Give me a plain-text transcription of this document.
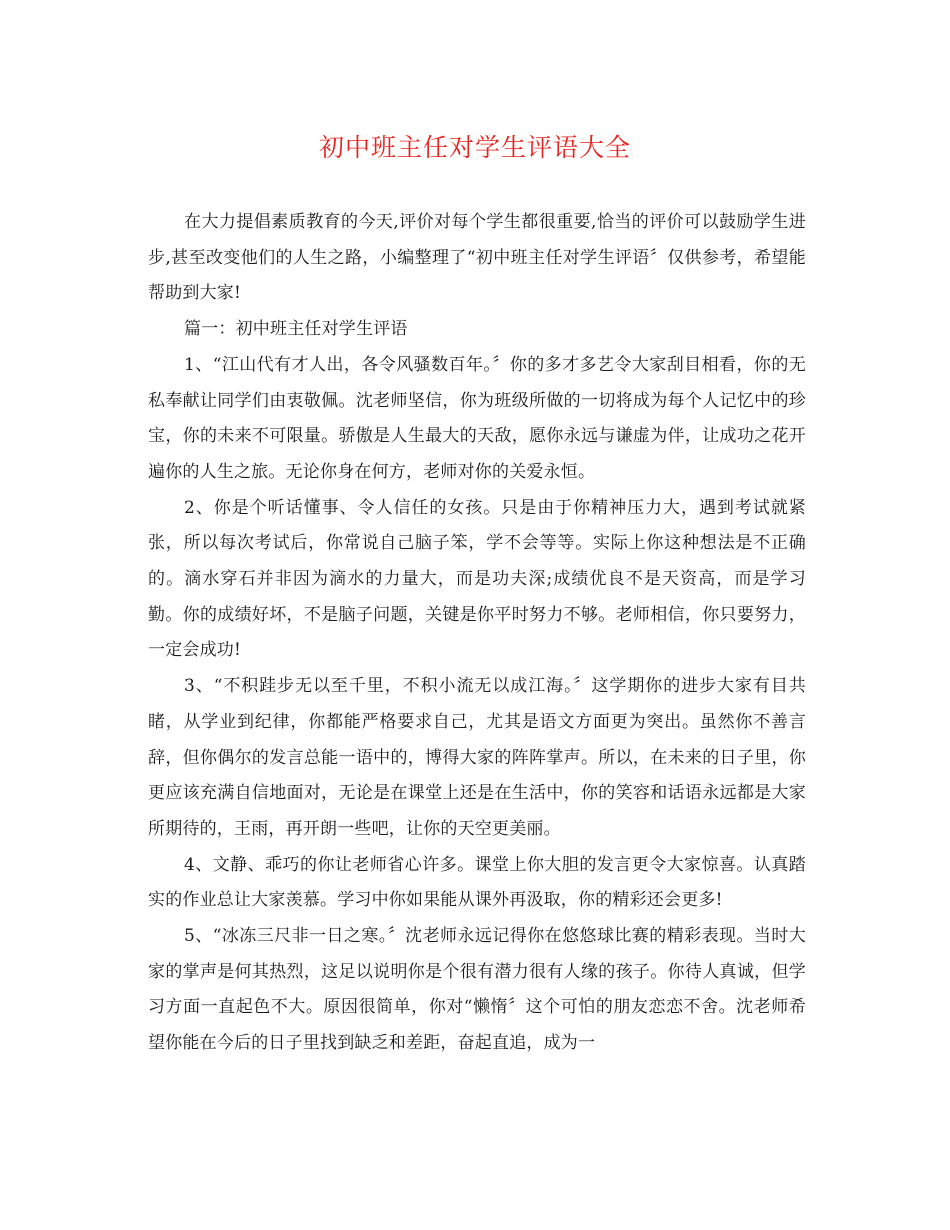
初中班主任对学生评语大全

在大力提倡素质教育的今天,评价对每个学生都很重要,恰当的评价可以鼓励学生进步,甚至改变他们的人生之路，小编整理了“初中班主任对学生评语〞仅供参考，希望能帮助到大家!

篇一：初中班主任对学生评语

1、“江山代有才人出，各令风骚数百年。〞你的多才多艺令大家刮目相看，你的无私奉献让同学们由衷敬佩。沈老师坚信，你为班级所做的一切将成为每个人记忆中的珍宝，你的未来不可限量。骄傲是人生最大的天敌，愿你永远与谦虚为伴，让成功之花开遍你的人生之旅。无论你身在何方，老师对你的关爱永恒。

2、你是个听话懂事、令人信任的女孩。只是由于你精神压力大，遇到考试就紧张，所以每次考试后，你常说自己脑子笨，学不会等等。实际上你这种想法是不正确的。滴水穿石并非因为滴水的力量大，而是功夫深;成绩优良不是天资高，而是学习勤。你的成绩好坏，不是脑子问题，关键是你平时努力不够。老师相信，你只要努力，一定会成功!

3、“不积跬步无以至千里，不积小流无以成江海。〞这学期你的进步大家有目共睹，从学业到纪律，你都能严格要求自己，尤其是语文方面更为突出。虽然你不善言辞，但你偶尔的发言总能一语中的，博得大家的阵阵掌声。所以，在未来的日子里，你更应该充满自信地面对，无论是在课堂上还是在生活中，你的笑容和话语永远都是大家所期待的，王雨，再开朗一些吧，让你的天空更美丽。

4、文静、乖巧的你让老师省心许多。课堂上你大胆的发言更令大家惊喜。认真踏实的作业总让大家羡慕。学习中你如果能从课外再汲取，你的精彩还会更多!

5、“冰冻三尺非一日之寒。〞沈老师永远记得你在悠悠球比赛的精彩表现。当时大家的掌声是何其热烈，这足以说明你是个很有潜力很有人缘的孩子。你待人真诚，但学习方面一直起色不大。原因很简单，你对“懒惰〞这个可怕的朋友恋恋不舍。沈老师希望你能在今后的日子里找到缺乏和差距，奋起直追，成为一
